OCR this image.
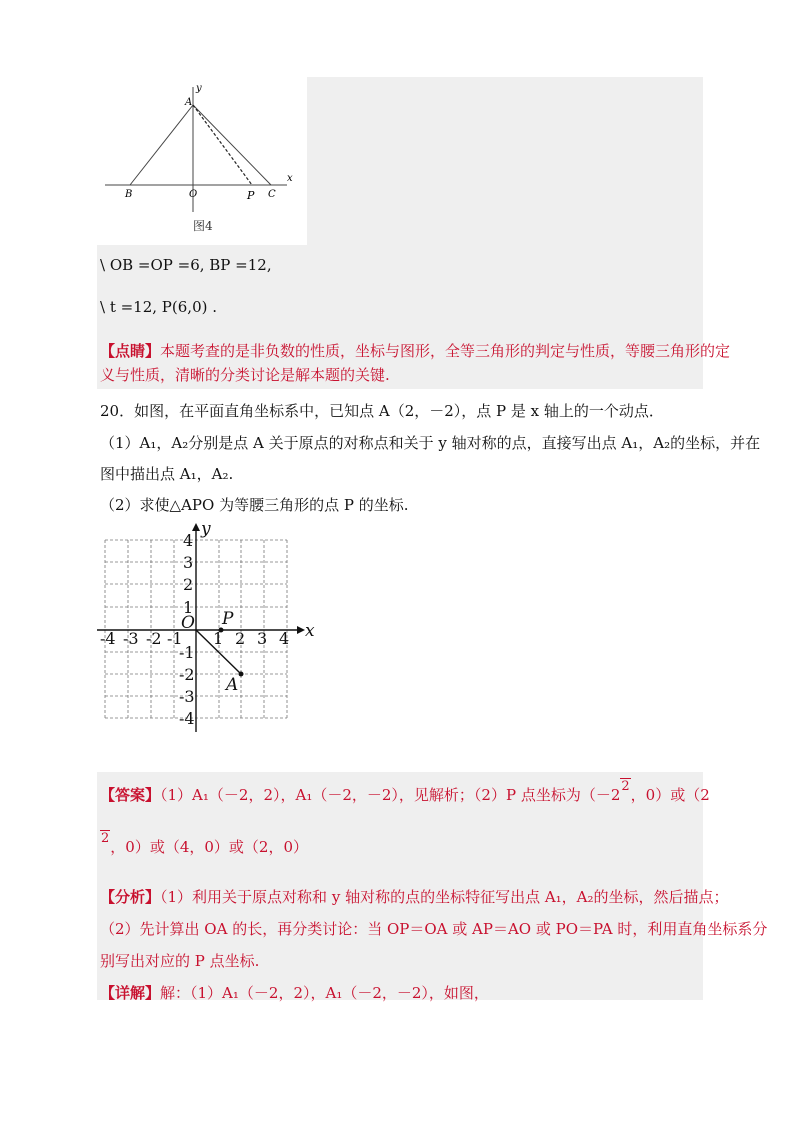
A
y
B	O	P C
x
图4
\ OB =OP =6, BP =12,
\ t =12, P(6,0) .
【点睛】本题考查的是非负数的性质，坐标与图形，全等三角形的判定与性质，等腰三角形的定
义与性质，清晰的分类讨论是解本题的关键.
20．如图，在平面直角坐标系中，已知点 A（2，－2），点 P 是 x 轴上的一个动点．
（1）A₁，A₂分别是点 A 关于原点的对称点和关于 y 轴对称的点，直接写出点 A₁，A₂的坐标，并在
图中描出点 A₁，A₂.
（2）求使△APO 为等腰三角形的点 P 的坐标.
-4 -3 -2 -1 1 2 3 4
4
3
2
1
-1
-2
-3
-4
O	x
y
P
A
【答案】（1）A₁（－2，2），A₁（－2，－2），见解析；（2）P 点坐标为（－22，0）或（2
2，0）或（4，0）或（2，0）
【分析】（1）利用关于原点对称和 y 轴对称的点的坐标特征写出点 A₁，A₂的坐标，然后描点；
（2）先计算出 OA 的长，再分类讨论：当 OP＝OA 或 AP＝AO 或 PO＝PA 时，利用直角坐标系分
别写出对应的 P 点坐标.
【详解】解：（1）A₁（－2，2），A₁（－2，－2），如图，
